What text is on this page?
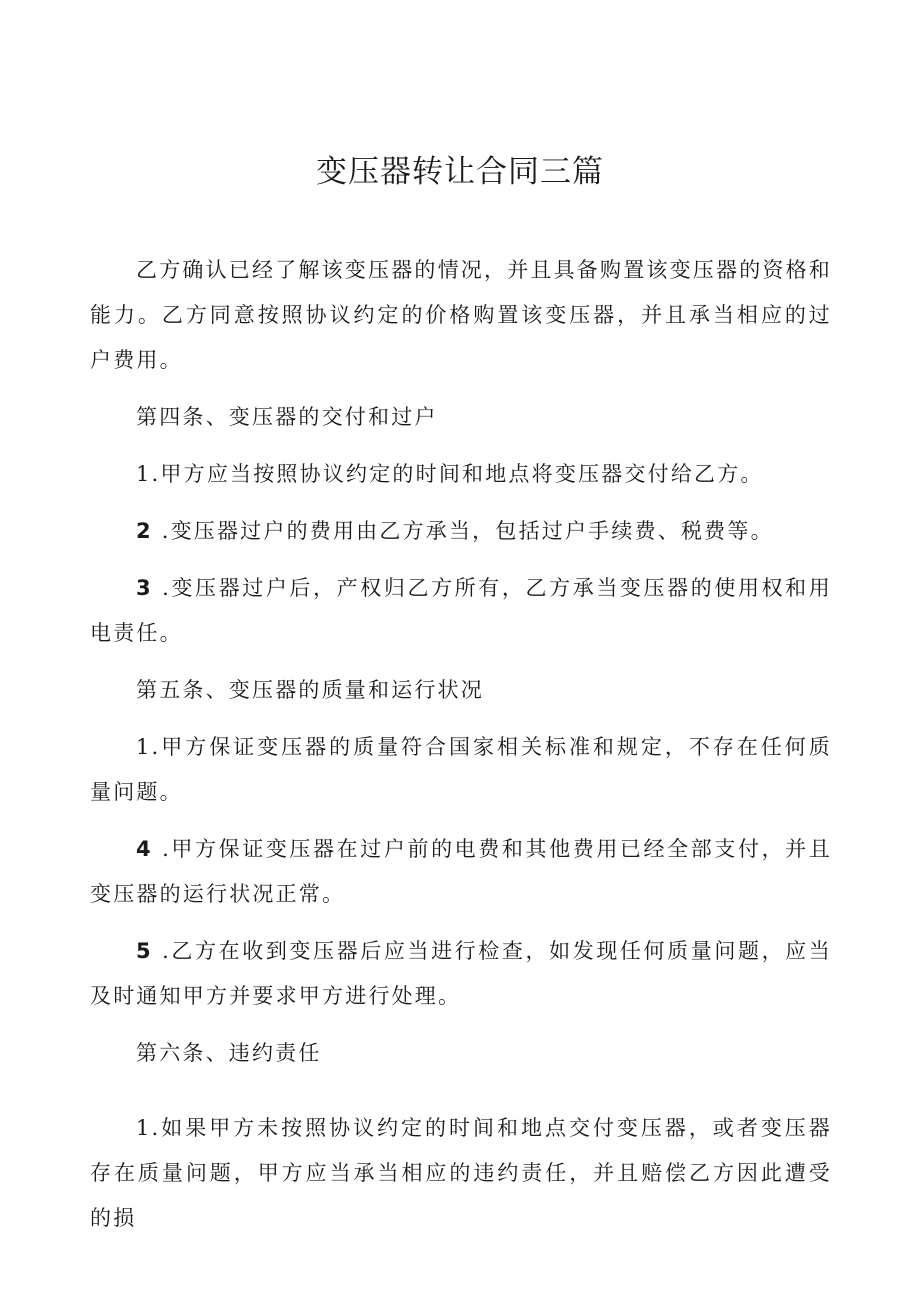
变压器转让合同三篇

乙方确认已经了解该变压器的情况，并且具备购置该变压器的资格和能力。乙方同意按照协议约定的价格购置该变压器，并且承当相应的过户费用。

第四条、变压器的交付和过户

1.甲方应当按照协议约定的时间和地点将变压器交付给乙方。

2 .变压器过户的费用由乙方承当，包括过户手续费、税费等。

3 .变压器过户后，产权归乙方所有，乙方承当变压器的使用权和用电责任。

第五条、变压器的质量和运行状况

1.甲方保证变压器的质量符合国家相关标准和规定，不存在任何质量问题。

4 .甲方保证变压器在过户前的电费和其他费用已经全部支付，并且变压器的运行状况正常。

5 .乙方在收到变压器后应当进行检查，如发现任何质量问题，应当及时通知甲方并要求甲方进行处理。

第六条、违约责任

1.如果甲方未按照协议约定的时间和地点交付变压器，或者变压器存在质量问题，甲方应当承当相应的违约责任，并且赔偿乙方因此遭受的损
